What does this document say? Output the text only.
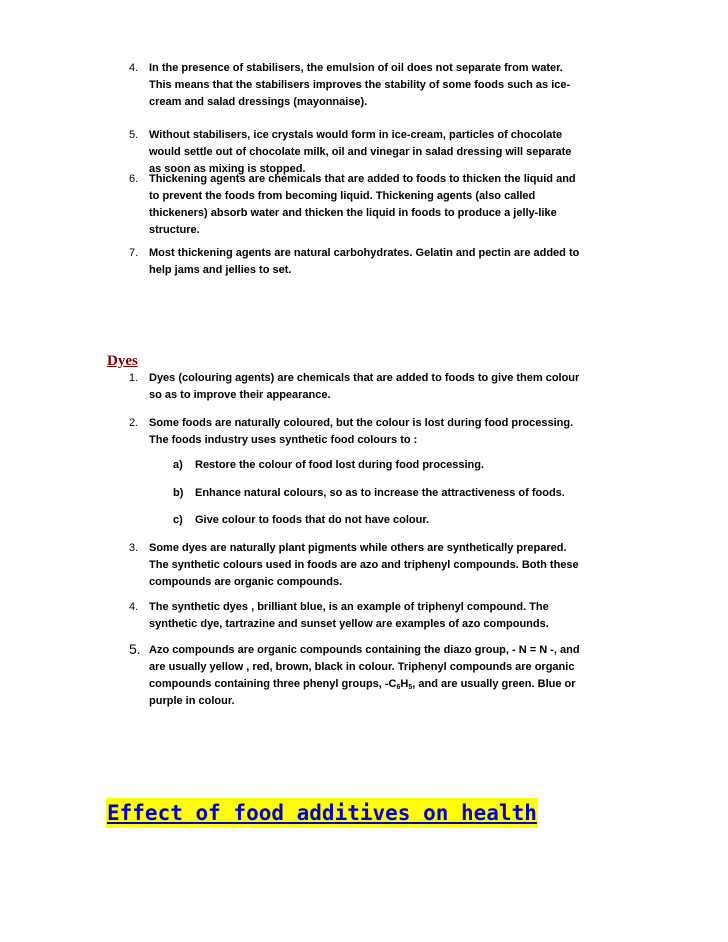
4. In the presence of stabilisers, the emulsion of oil does not separate from water.
This means that the stabilisers improves the stability of some foods such as ice-
cream and salad dressings (mayonnaise).
5. Without stabilisers, ice crystals would form in ice-cream, particles of chocolate
would settle out of chocolate milk, oil and vinegar in salad dressing will separate
as soon as mixing is stopped.
6. Thickening agents are chemicals that are added to foods to thicken the liquid and
to prevent the foods from becoming liquid. Thickening agents (also called
thickeners) absorb water and thicken the liquid in foods to produce a jelly-like
structure.
7. Most thickening agents are natural carbohydrates. Gelatin and pectin are added to
help jams and jellies to set.
Dyes
1. Dyes (colouring agents) are chemicals that are added to foods to give them colour
so as to improve their appearance.
2. Some foods are naturally coloured, but the colour is lost during food processing.
The foods industry uses synthetic food colours to :
a) Restore the colour of food lost during food processing.
b) Enhance natural colours, so as to increase the attractiveness of foods.
c) Give colour to foods that do not have colour.
3. Some dyes are naturally plant pigments while others are synthetically prepared.
The synthetic colours used in foods are azo and triphenyl compounds. Both these
compounds are organic compounds.
4. The synthetic dyes , brilliant blue, is an example of triphenyl compound. The
synthetic dye, tartrazine and sunset yellow are examples of azo compounds.
5. Azo compounds are organic compounds containing the diazo group, - N = N -, and
are usually yellow , red, brown, black in colour. Triphenyl compounds are organic
compounds containing three phenyl groups, $-C_6H_5$, and are usually green. Blue or
purple in colour.
Effect of food additives on health
